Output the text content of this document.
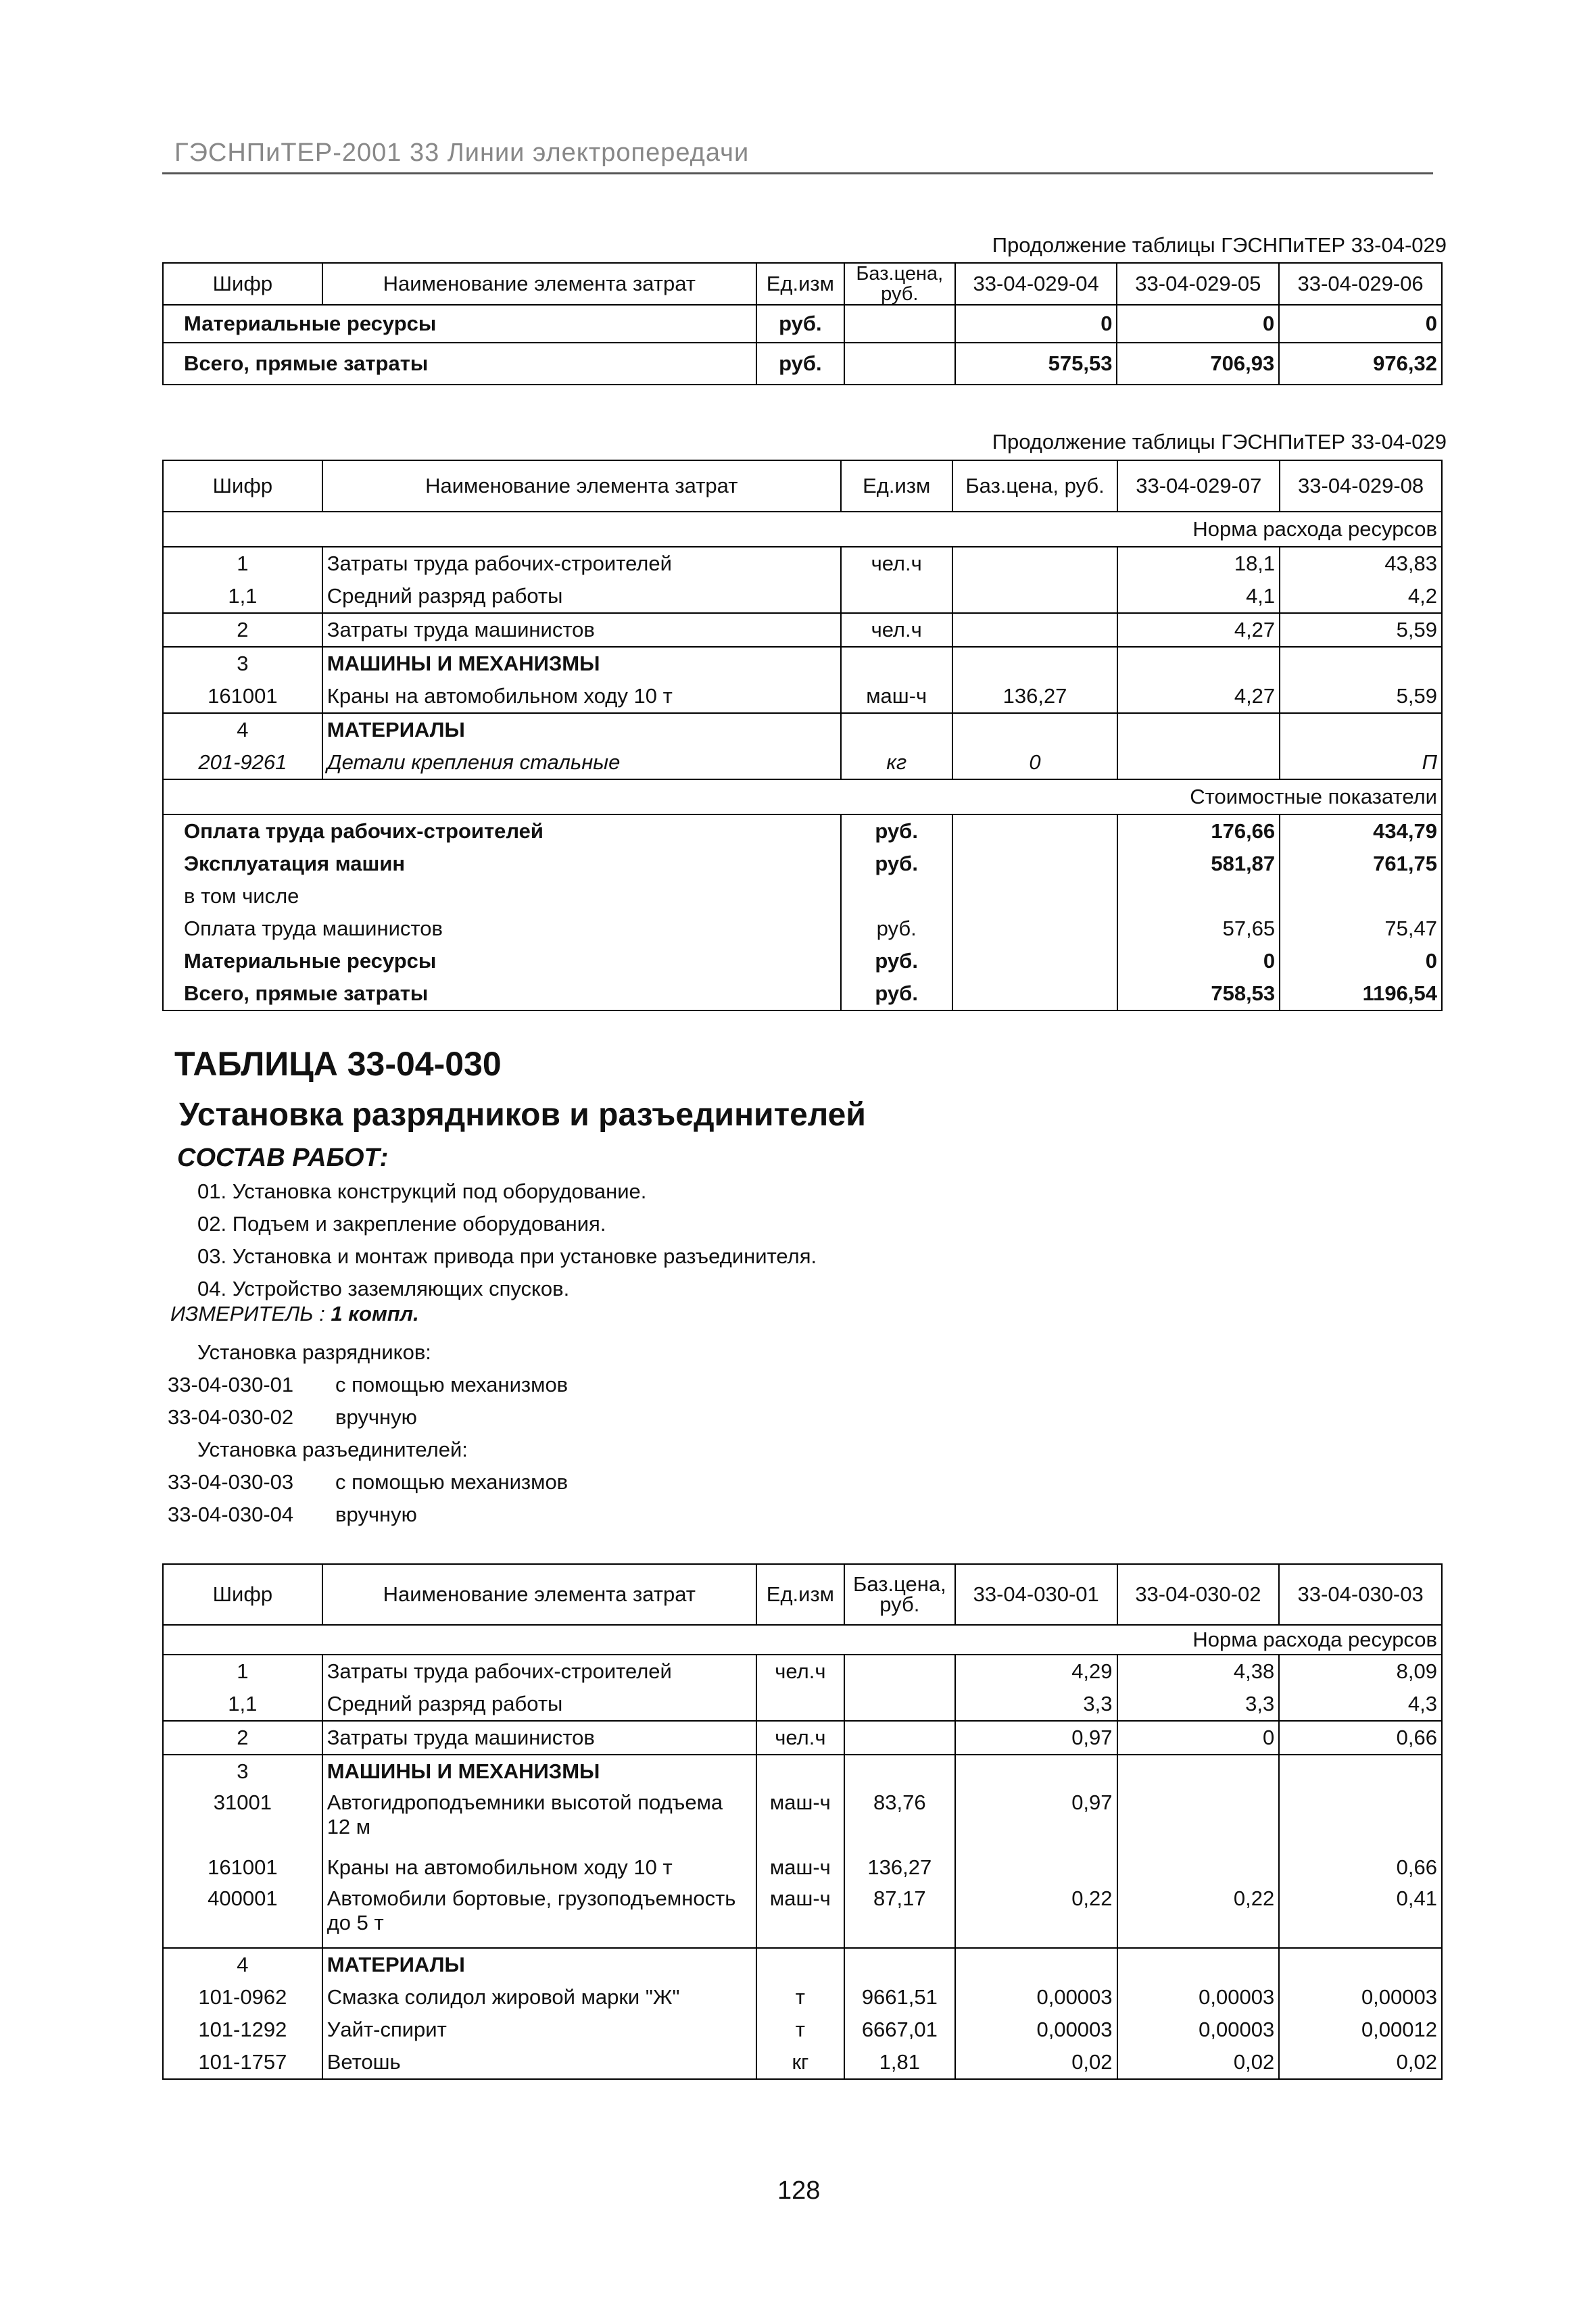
ГЭСНПиТЕР-2001 33 Линии электропередачи
Продолжение таблицы ГЭСНПиТЕР 33-04-029
Шифр	Наименование элемента затрат	Ед.изм	Баз.цена, руб.	33-04-029-04	33-04-029-05	33-04-029-06
Материальные ресурсы		руб.		0	0	0
Всего, прямые затраты		руб.		575,53	706,93	976,32
Продолжение таблицы ГЭСНПиТЕР 33-04-029
Шифр	Наименование элемента затрат	Ед.изм	Баз.цена, руб.	33-04-029-07	33-04-029-08
Норма расхода ресурсов					
1	Затраты труда рабочих-строителей	чел.ч		18,1	43,83
1,1	Средний разряд работы			4,1	4,2
2	Затраты труда машинистов	чел.ч		4,27	5,59
3	МАШИНЫ И МЕХАНИЗМЫ				
161001	Краны на автомобильном ходу 10 т	маш-ч	136,27	4,27	5,59
4	МАТЕРИАЛЫ				
201-9261	Детали крепления стальные	кг	0		П
Стоимостные показатели					
Оплата труда рабочих-строителей		руб.		176,66	434,79
Эксплуатация машин		руб.		581,87	761,75
в том числе					
Оплата труда машинистов		руб.		57,65	75,47
Материальные ресурсы		руб.		0	0
Всего, прямые затраты		руб.		758,53	1196,54
ТАБЛИЦА 33-04-030
Установка разрядников и разъединителей
СОСТАВ РАБОТ:
01. Установка конструкций под оборудование.
02. Подъем и закрепление оборудования.
03. Установка и монтаж привода при установке разъединителя.
04. Устройство заземляющих спусков.
ИЗМЕРИТЕЛЬ : 1 компл.
Установка разрядников:
33-04-030-01 с помощью механизмов
33-04-030-02 вручную
Установка разъединителей:
33-04-030-03 с помощью механизмов
33-04-030-04 вручную
Шифр	Наименование элемента затрат	Ед.изм	Баз.цена, руб.	33-04-030-01	33-04-030-02	33-04-030-03
Норма расхода ресурсов						
1	Затраты труда рабочих-строителей	чел.ч		4,29	4,38	8,09
1,1	Средний разряд работы			3,3	3,3	4,3
2	Затраты труда машинистов	чел.ч		0,97	0	0,66
3	МАШИНЫ И МЕХАНИЗМЫ					
31001	Автогидроподъемники высотой подъема 12 м	маш-ч	83,76	0,97		
161001	Краны на автомобильном ходу 10 т	маш-ч	136,27			0,66
400001	Автомобили бортовые, грузоподъемность до 5 т	маш-ч	87,17	0,22	0,22	0,41
4	МАТЕРИАЛЫ					
101-0962	Смазка солидол жировой марки "Ж"	т	9661,51	0,00003	0,00003	0,00003
101-1292	Уайт-спирит	т	6667,01	0,00003	0,00003	0,00012
101-1757	Ветошь	кг	1,81	0,02	0,02	0,02
128
